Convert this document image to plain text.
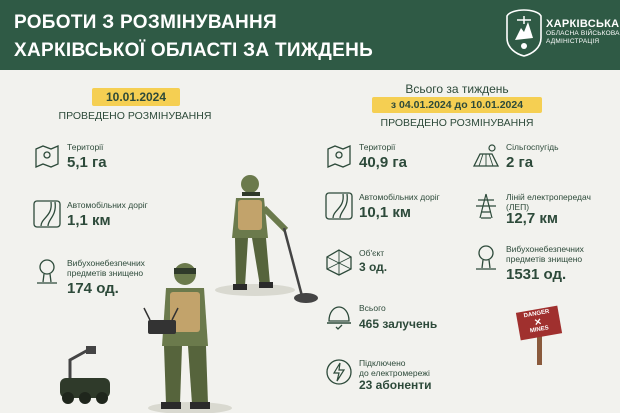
РОБОТИ З РОЗМІНУВАННЯ
ХАРКІВСЬКОЇ ОБЛАСТІ ЗА ТИЖДЕНЬ
ХАРКІВСЬКА
ОБЛАСНА ВІЙСЬКОВА
АДМІНІСТРАЦІЯ
10.01.2024
ПРОВЕДЕНО РОЗМІНУВАННЯ
Території
5,1 га
Автомобільних доріг
1,1 км
Вибухонебезпечних
предметів знищено
174 од.
Всього за тиждень
з 04.01.2024 до 10.01.2024
ПРОВЕДЕНО РОЗМІНУВАННЯ
Території
40,9 га
Автомобільних доріг
10,1 км
Об'єкт
3 од.
Всього
465 залучень
Підключено
до електромережі
23 абоненти
Сільгоспугідь
2 га
Ліній електропередач
(ЛЕП)
12,7 км
Вибухонебезпечних
предметів знищено
1531 од.
DANGER
✕
MINES
